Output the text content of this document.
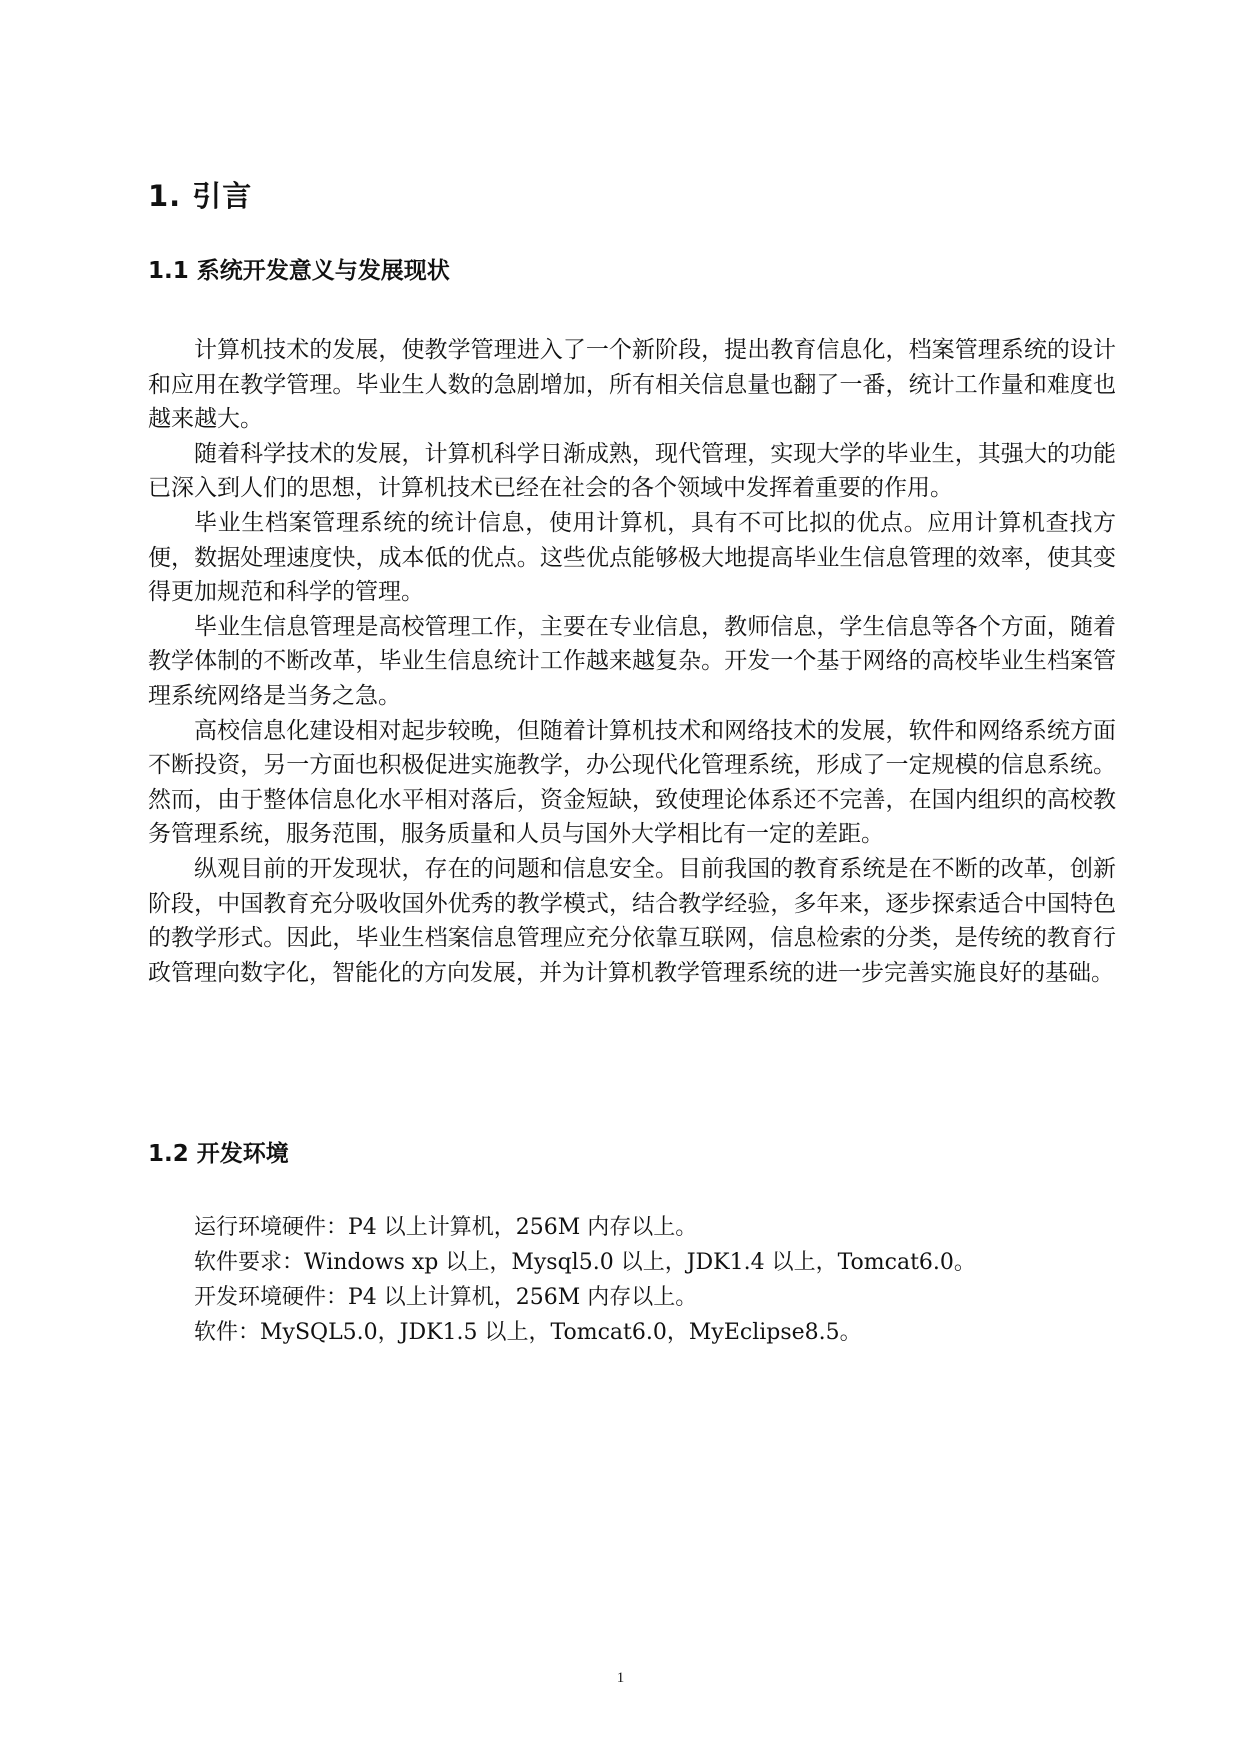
1. 引言
1.1 系统开发意义与发展现状

计算机技术的发展，使教学管理进入了一个新阶段，提出教育信息化，档案管理系统的设计和应用在教学管理。毕业生人数的急剧增加，所有相关信息量也翻了一番，统计工作量和难度也越来越大。

随着科学技术的发展，计算机科学日渐成熟，现代管理，实现大学的毕业生，其强大的功能已深入到人们的思想，计算机技术已经在社会的各个领域中发挥着重要的作用。

毕业生档案管理系统的统计信息，使用计算机，具有不可比拟的优点。应用计算机查找方便，数据处理速度快，成本低的优点。这些优点能够极大地提高毕业生信息管理的效率，使其变得更加规范和科学的管理。

毕业生信息管理是高校管理工作，主要在专业信息，教师信息，学生信息等各个方面，随着教学体制的不断改革，毕业生信息统计工作越来越复杂。开发一个基于网络的高校毕业生档案管理系统网络是当务之急。

高校信息化建设相对起步较晚，但随着计算机技术和网络技术的发展，软件和网络系统方面不断投资，另一方面也积极促进实施教学，办公现代化管理系统，形成了一定规模的信息系统。然而，由于整体信息化水平相对落后，资金短缺，致使理论体系还不完善，在国内组织的高校教务管理系统，服务范围，服务质量和人员与国外大学相比有一定的差距。

纵观目前的开发现状，存在的问题和信息安全。目前我国的教育系统是在不断的改革，创新阶段，中国教育充分吸收国外优秀的教学模式，结合教学经验，多年来，逐步探索适合中国特色的教学形式。因此，毕业生档案信息管理应充分依靠互联网，信息检索的分类，是传统的教育行政管理向数字化，智能化的方向发展，并为计算机教学管理系统的进一步完善实施良好的基础。

1.2 开发环境

运行环境硬件：P4 以上计算机，256M 内存以上。

软件要求：Windows xp 以上，Mysql5.0 以上，JDK1.4 以上，Tomcat6.0。

开发环境硬件：P4 以上计算机，256M 内存以上。

软件：MySQL5.0，JDK1.5 以上，Tomcat6.0，MyEclipse8.5。

1
